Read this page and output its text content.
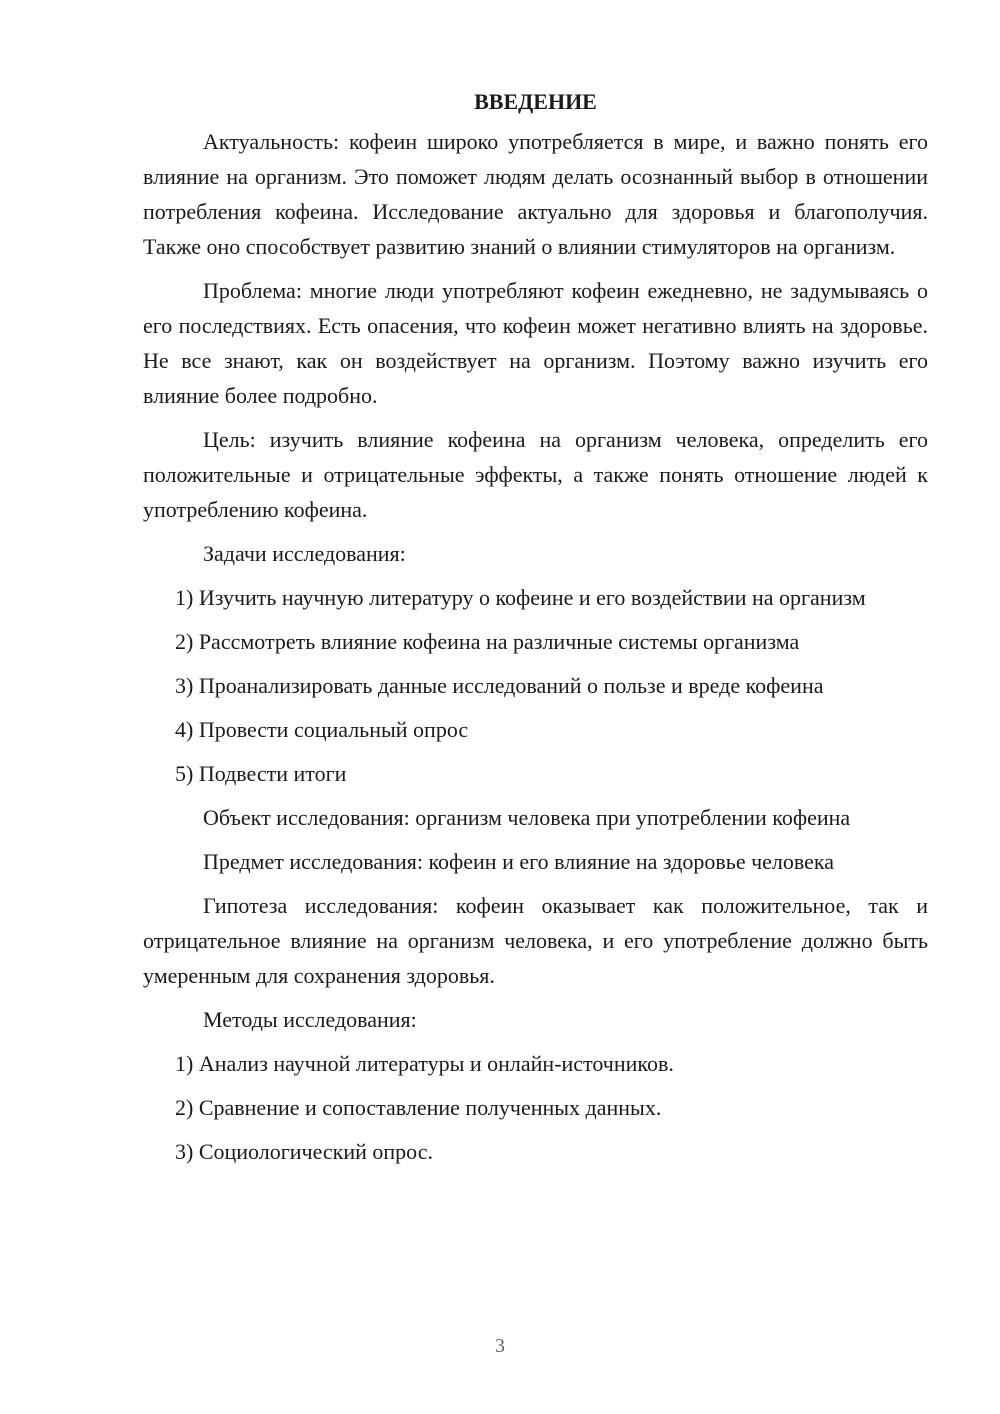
ВВЕДЕНИЕ

Актуальность: кофеин широко употребляется в мире, и важно понять его влияние на организм. Это поможет людям делать осознанный выбор в отношении потребления кофеина. Исследование актуально для здоровья и благополучия. Также оно способствует развитию знаний о влиянии стимуляторов на организм.

Проблема: многие люди употребляют кофеин ежедневно, не задумываясь о его последствиях. Есть опасения, что кофеин может негативно влиять на здоровье. Не все знают, как он воздействует на организм. Поэтому важно изучить его влияние более подробно.

Цель: изучить влияние кофеина на организм человека, определить его положительные и отрицательные эффекты, а также понять отношение людей к употреблению кофеина.

Задачи исследования:

1) Изучить научную литературу о кофеине и его воздействии на организм

2) Рассмотреть влияние кофеина на различные системы организма

3) Проанализировать данные исследований о пользе и вреде кофеина

4) Провести социальный опрос

5) Подвести итоги

Объект исследования: организм человека при употреблении кофеина

Предмет исследования: кофеин и его влияние на здоровье человека

Гипотеза исследования: кофеин оказывает как положительное, так и отрицательное влияние на организм человека, и его употребление должно быть умеренным для сохранения здоровья.

Методы исследования:

1) Анализ научной литературы и онлайн-источников.

2) Сравнение и сопоставление полученных данных.

3) Социологический опрос.

3
